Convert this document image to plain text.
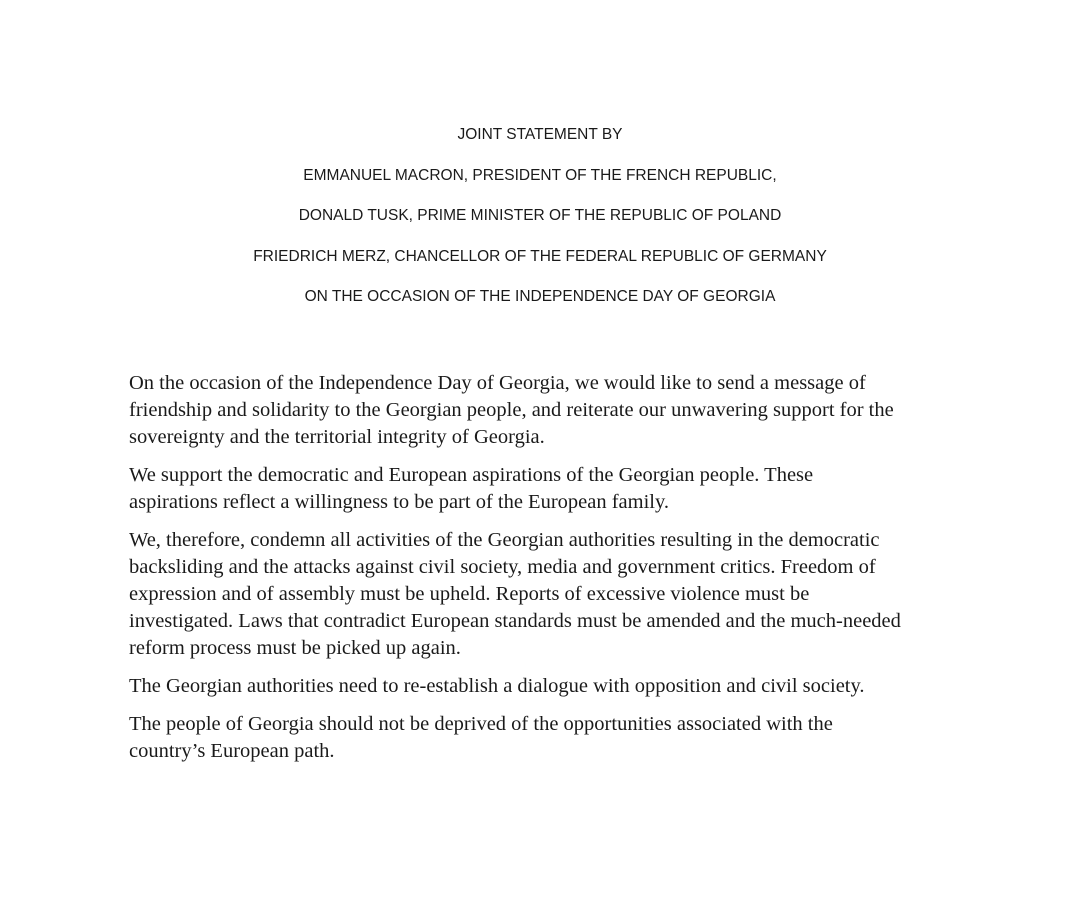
JOINT STATEMENT BY
EMMANUEL MACRON, PRESIDENT OF THE FRENCH REPUBLIC,
DONALD TUSK, PRIME MINISTER OF THE REPUBLIC OF POLAND
FRIEDRICH MERZ, CHANCELLOR OF THE FEDERAL REPUBLIC OF GERMANY
ON THE OCCASION OF THE INDEPENDENCE DAY OF GEORGIA

On the occasion of the Independence Day of Georgia, we would like to send a message of
friendship and solidarity to the Georgian people, and reiterate our unwavering support for the
sovereignty and the territorial integrity of Georgia.

We support the democratic and European aspirations of the Georgian people. These
aspirations reflect a willingness to be part of the European family.

We, therefore, condemn all activities of the Georgian authorities resulting in the democratic
backsliding and the attacks against civil society, media and government critics. Freedom of
expression and of assembly must be upheld. Reports of excessive violence must be
investigated. Laws that contradict European standards must be amended and the much-needed
reform process must be picked up again.

The Georgian authorities need to re-establish a dialogue with opposition and civil society.

The people of Georgia should not be deprived of the opportunities associated with the
country’s European path.
